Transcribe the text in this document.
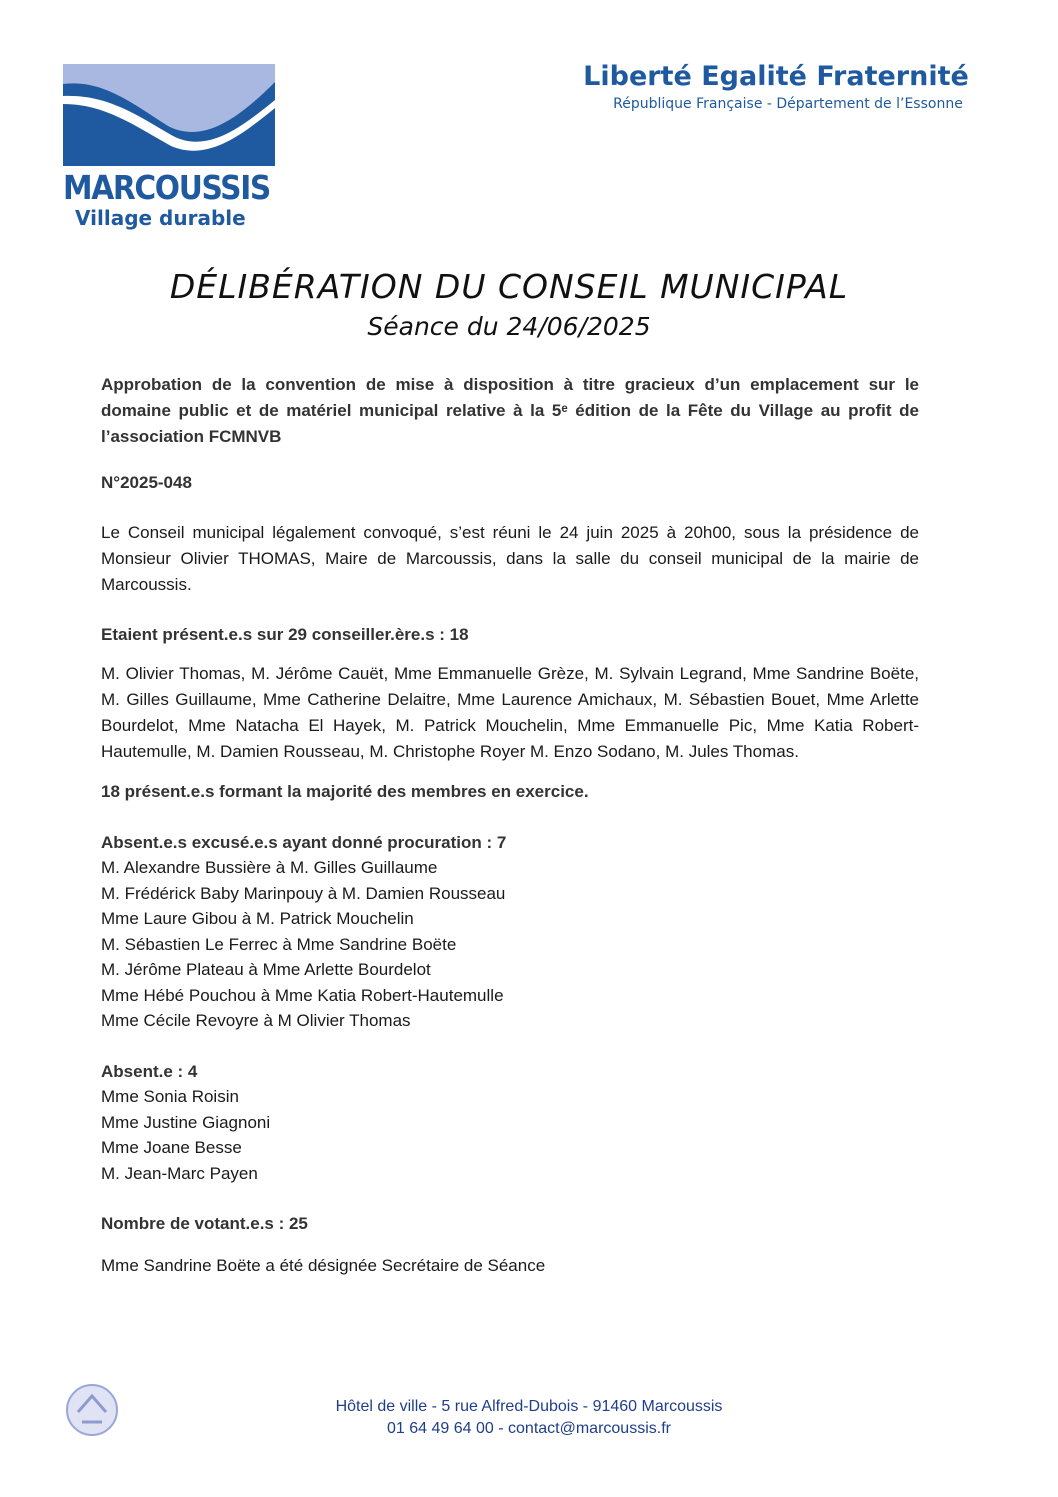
MARCOUSSIS
Village durable
Liberté Egalité Fraternité
République Française - Département de l’Essonne
DÉLIBÉRATION DU CONSEIL MUNICIPAL
Séance du 24/06/2025

Approbation de la convention de mise à disposition à titre gracieux d’un emplacement sur le domaine public et de matériel municipal relative à la 5ᵉ édition de la Fête du Village au profit de l’association FCMNVB

N°2025-048

Le Conseil municipal légalement convoqué, s’est réuni le 24 juin 2025 à 20h00, sous la présidence de Monsieur Olivier THOMAS, Maire de Marcoussis, dans la salle du conseil municipal de la mairie de Marcoussis.

Etaient présent.e.s sur 29 conseiller.ère.s : 18

M. Olivier Thomas, M. Jérôme Cauët, Mme Emmanuelle Grèze, M. Sylvain Legrand, Mme Sandrine Boëte, M. Gilles Guillaume, Mme Catherine Delaitre, Mme Laurence Amichaux, M. Sébastien Bouet, Mme Arlette Bourdelot, Mme Natacha El Hayek, M. Patrick Mouchelin, Mme Emmanuelle Pic, Mme Katia Robert-Hautemulle, M. Damien Rousseau, M. Christophe Royer M. Enzo Sodano, M. Jules Thomas.

18 présent.e.s formant la majorité des membres en exercice.

Absent.e.s excusé.e.s ayant donné procuration : 7

M. Alexandre Bussière à M. Gilles Guillaume

M. Frédérick Baby Marinpouy à M. Damien Rousseau

Mme Laure Gibou à M. Patrick Mouchelin

M. Sébastien Le Ferrec à Mme Sandrine Boëte

M. Jérôme Plateau à Mme Arlette Bourdelot

Mme Hébé Pouchou à Mme Katia Robert-Hautemulle

Mme Cécile Revoyre à M Olivier Thomas

Absent.e : 4

Mme Sonia Roisin

Mme Justine Giagnoni

Mme Joane Besse

M. Jean-Marc Payen

Nombre de votant.e.s : 25

Mme Sandrine Boëte a été désignée Secrétaire de Séance

Hôtel de ville - 5 rue Alfred-Dubois - 91460 Marcoussis
01 64 49 64 00 - contact@marcoussis.fr
